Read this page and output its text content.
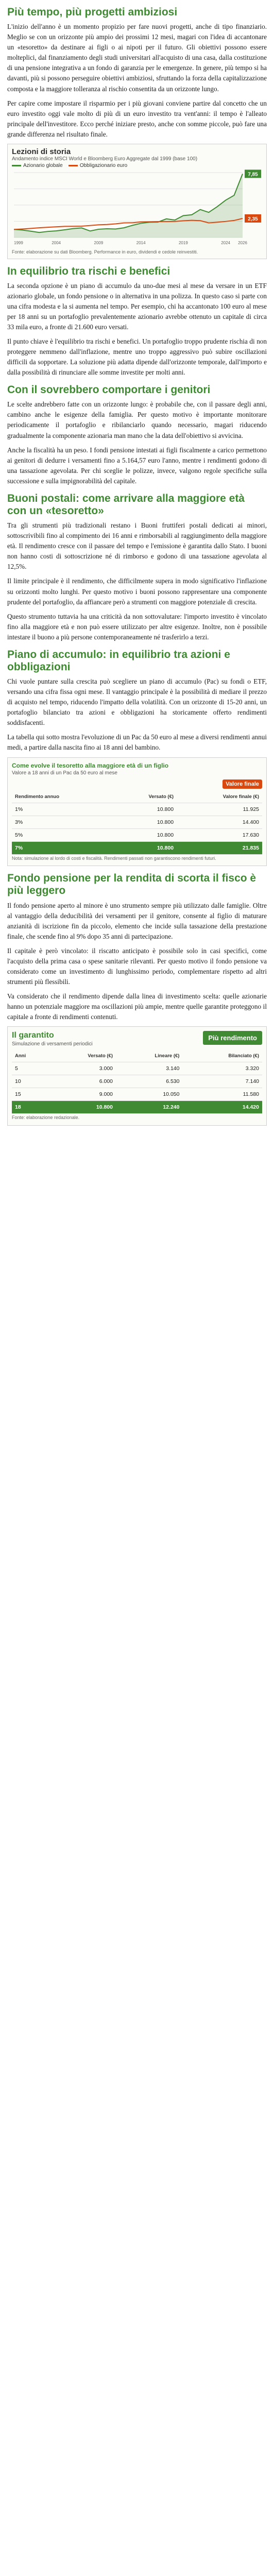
Più tempo, più progetti ambiziosi

L'inizio dell'anno è un momento propizio per fare nuovi progetti, anche di tipo finanziario. Meglio se con un orizzonte più ampio dei prossimi 12 mesi, magari con l'idea di accantonare un «tesoretto» da destinare ai figli o ai nipoti per il futuro. Gli obiettivi possono essere molteplici, dal finanziamento degli studi universitari all'acquisto di una casa, dalla costituzione di una pensione integrativa a un fondo di garanzia per le emergenze. In genere, più tempo si ha davanti, più si possono perseguire obiettivi ambiziosi, sfruttando la forza della capitalizzazione composta e la maggiore tolleranza al rischio consentita da un orizzonte lungo.

Per capire come impostare il risparmio per i più giovani conviene partire dal concetto che un euro investito oggi vale molto di più di un euro investito tra vent'anni: il tempo è l'alleato principale dell'investitore. Ecco perché iniziare presto, anche con somme piccole, può fare una grande differenza nel risultato finale.

Lezioni di storia
Andamento indice MSCI World e Bloomberg Euro Aggregate dal 1999 (base 100)
Azionario globale	Obbligazionario euro
7,85
2,35
1999	2004	2009	2014	2019	2024 2026
Fonte: elaborazione su dati Bloomberg. Performance in euro, dividendi e cedole reinvestiti.
In equilibrio tra rischi e benefici

La seconda opzione è un piano di accumulo da uno-due mesi al mese da versare in un ETF azionario globale, un fondo pensione o in alternativa in una polizza. In questo caso si parte con una cifra modesta e la si aumenta nel tempo. Per esempio, chi ha accantonato 100 euro al mese per 18 anni su un portafoglio prevalentemente azionario avrebbe ottenuto un capitale di circa 33 mila euro, a fronte di 21.600 euro versati.

Il punto chiave è l'equilibrio tra rischi e benefici. Un portafoglio troppo prudente rischia di non proteggere nemmeno dall'inflazione, mentre uno troppo aggressivo può subire oscillazioni difficili da sopportare. La soluzione più adatta dipende dall'orizzonte temporale, dall'importo e dalla possibilità di rinunciare alle somme investite per molti anni.

Con il sovrebbero comportare i genitori

Le scelte andrebbero fatte con un orizzonte lungo: è probabile che, con il passare degli anni, cambino anche le esigenze della famiglia. Per questo motivo è importante monitorare periodicamente il portafoglio e ribilanciarlo quando necessario, magari riducendo gradualmente la componente azionaria man mano che la data dell'obiettivo si avvicina.

Anche la fiscalità ha un peso. I fondi pensione intestati ai figli fiscalmente a carico permettono ai genitori di dedurre i versamenti fino a 5.164,57 euro l'anno, mentre i rendimenti godono di una tassazione agevolata. Per chi sceglie le polizze, invece, valgono regole specifiche sulla successione e sulla impignorabilità del capitale.

Buoni postali: come arrivare alla maggiore età con un «tesoretto»

Tra gli strumenti più tradizionali restano i Buoni fruttiferi postali dedicati ai minori, sottoscrivibili fino al compimento dei 16 anni e rimborsabili al raggiungimento della maggiore età. Il rendimento cresce con il passare del tempo e l'emissione è garantita dallo Stato. I buoni non hanno costi di sottoscrizione né di rimborso e godono di una tassazione agevolata al 12,5%.

Il limite principale è il rendimento, che difficilmente supera in modo significativo l'inflazione su orizzonti molto lunghi. Per questo motivo i buoni possono rappresentare una componente prudente del portafoglio, da affiancare però a strumenti con maggiore potenziale di crescita.

Questo strumento tuttavia ha una criticità da non sottovalutare: l'importo investito è vincolato fino alla maggiore età e non può essere utilizzato per altre esigenze. Inoltre, non è possibile intestare il buono a più persone contemporaneamente né trasferirlo a terzi.

Piano di accumulo: in equilibrio tra azioni e obbligazioni

Chi vuole puntare sulla crescita può scegliere un piano di accumulo (Pac) su fondi o ETF, versando una cifra fissa ogni mese. Il vantaggio principale è la possibilità di mediare il prezzo di acquisto nel tempo, riducendo l'impatto della volatilità. Con un orizzonte di 15-20 anni, un portafoglio bilanciato tra azioni e obbligazioni ha storicamente offerto rendimenti soddisfacenti.

La tabella qui sotto mostra l'evoluzione di un Pac da 50 euro al mese a diversi rendimenti annui medi, a partire dalla nascita fino ai 18 anni del bambino.

Come evolve il tesoretto alla maggiore età di un figlio
Valore a 18 anni di un Pac da 50 euro al mese
Valore finale
Rendimento annuo	Versato (€)	Valore finale (€)
1%	10.800	11.925
3%	10.800	14.400
5%	10.800	17.630
7%	10.800	21.835
Nota: simulazione al lordo di costi e fiscalità. Rendimenti passati non garantiscono rendimenti futuri.
Fondo pensione per la rendita di scorta il fisco è più leggero

Il fondo pensione aperto al minore è uno strumento sempre più utilizzato dalle famiglie. Oltre al vantaggio della deducibilità dei versamenti per il genitore, consente al figlio di maturare anzianità di iscrizione fin da piccolo, elemento che incide sulla tassazione della prestazione finale, che scende fino al 9% dopo 35 anni di partecipazione.

Il capitale è però vincolato: il riscatto anticipato è possibile solo in casi specifici, come l'acquisto della prima casa o spese sanitarie rilevanti. Per questo motivo il fondo pensione va considerato come un investimento di lunghissimo periodo, complementare rispetto ad altri strumenti più flessibili.

Va considerato che il rendimento dipende dalla linea di investimento scelta: quelle azionarie hanno un potenziale maggiore ma oscillazioni più ampie, mentre quelle garantite proteggono il capitale a fronte di rendimenti contenuti.

Il garantito
Simulazione di versamenti periodici
Più rendimento
Anni	Versato (€)	Lineare (€)	Bilanciato (€)
5	3.000	3.140	3.320
10	6.000	6.530	7.140
15	9.000	10.050	11.580
18	10.800	12.240	14.420
Fonte: elaborazione redazionale.
